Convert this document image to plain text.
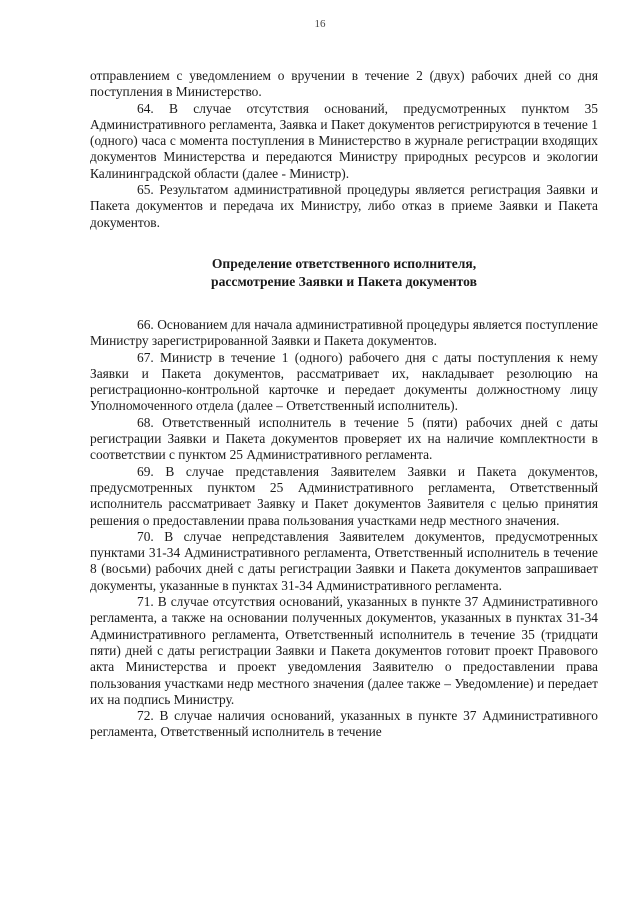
16

отправлением с уведомлением о вручении в течение 2 (двух) рабочих дней со дня поступления в Министерство.

64. В случае отсутствия оснований, предусмотренных пунктом 35 Административного регламента, Заявка и Пакет документов регистрируются в течение 1 (одного) часа с момента поступления в Министерство в журнале регистрации входящих документов Министерства и передаются Министру природных ресурсов и экологии Калининградской области (далее - Министр).

65. Результатом административной процедуры является регистрация Заявки и Пакета документов и передача их Министру, либо отказ в приеме Заявки и Пакета документов.

Определение ответственного исполнителя,
рассмотрение Заявки и Пакета документов

66. Основанием для начала административной процедуры является поступление Министру зарегистрированной Заявки и Пакета документов.

67. Министр в течение 1 (одного) рабочего дня с даты поступления к нему Заявки и Пакета документов, рассматривает их, накладывает резолюцию на регистрационно-контрольной карточке и передает документы должностному лицу Уполномоченного отдела (далее – Ответственный исполнитель).

68. Ответственный исполнитель в течение 5 (пяти) рабочих дней с даты регистрации Заявки и Пакета документов проверяет их на наличие комплектности в соответствии с пунктом 25 Административного регламента.

69. В случае представления Заявителем Заявки и Пакета документов, предусмотренных пунктом 25 Административного регламента, Ответственный исполнитель рассматривает Заявку и Пакет документов Заявителя с целью принятия решения о предоставлении права пользования участками недр местного значения.

70. В случае непредставления Заявителем документов, предусмотренных пунктами 31-34 Административного регламента, Ответственный исполнитель в течение 8 (восьми) рабочих дней с даты регистрации Заявки и Пакета документов запрашивает документы, указанные в пунктах 31-34 Административного регламента.

71. В случае отсутствия оснований, указанных в пункте 37 Административного регламента, а также на основании полученных документов, указанных в пунктах 31-34 Административного регламента, Ответственный исполнитель в течение 35 (тридцати пяти) дней с даты регистрации Заявки и Пакета документов готовит проект Правового акта Министерства и проект уведомления Заявителю о предоставлении права пользования участками недр местного значения (далее также – Уведомление) и передает их на подпись Министру.

72. В случае наличия оснований, указанных в пункте 37 Административного регламента, Ответственный исполнитель в течение
